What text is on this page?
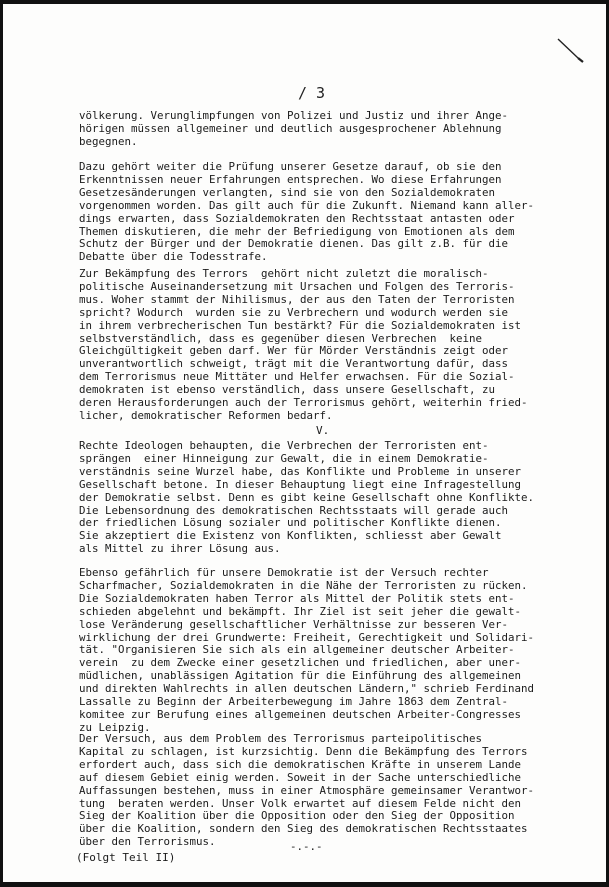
/ 3

völkerung. Verunglimpfungen von Polizei und Justiz und ihrer Ange-
hörigen müssen allgemeiner und deutlich ausgesprochener Ablehnung
begegnen.

Dazu gehört weiter die Prüfung unserer Gesetze darauf, ob sie den
Erkenntnissen neuer Erfahrungen entsprechen. Wo diese Erfahrungen
Gesetzesänderungen verlangten, sind sie von den Sozialdemokraten
vorgenommen worden. Das gilt auch für die Zukunft. Niemand kann aller-
dings erwarten, dass Sozialdemokraten den Rechtsstaat antasten oder
Themen diskutieren, die mehr der Befriedigung von Emotionen als dem
Schutz der Bürger und der Demokratie dienen. Das gilt z.B. für die
Debatte über die Todesstrafe.

Zur Bekämpfung des Terrors  gehört nicht zuletzt die moralisch-
politische Auseinandersetzung mit Ursachen und Folgen des Terroris-
mus. Woher stammt der Nihilismus, der aus den Taten der Terroristen
spricht? Wodurch  wurden sie zu Verbrechern und wodurch werden sie
in ihrem verbrecherischen Tun bestärkt? Für die Sozialdemokraten ist
selbstverständlich, dass es gegenüber diesen Verbrechen  keine
Gleichgültigkeit geben darf. Wer für Mörder Verständnis zeigt oder
unverantwortlich schweigt, trägt mit die Verantwortung dafür, dass
dem Terrorismus neue Mittäter und Helfer erwachsen. Für die Sozial-
demokraten ist ebenso verständlich, dass unsere Gesellschaft, zu
deren Herausforderungen auch der Terrorismus gehört, weiterhin fried-
licher, demokratischer Reformen bedarf.

V.

Rechte Ideologen behaupten, die Verbrechen der Terroristen ent-
sprängen  einer Hinneigung zur Gewalt, die in einem Demokratie-
verständnis seine Wurzel habe, das Konflikte und Probleme in unserer
Gesellschaft betone. In dieser Behauptung liegt eine Infragestellung
der Demokratie selbst. Denn es gibt keine Gesellschaft ohne Konflikte.
Die Lebensordnung des demokratischen Rechtsstaats will gerade auch
der friedlichen Lösung sozialer und politischer Konflikte dienen.
Sie akzeptiert die Existenz von Konflikten, schliesst aber Gewalt
als Mittel zu ihrer Lösung aus.

Ebenso gefährlich für unsere Demokratie ist der Versuch rechter
Scharfmacher, Sozialdemokraten in die Nähe der Terroristen zu rücken.
Die Sozialdemokraten haben Terror als Mittel der Politik stets ent-
schieden abgelehnt und bekämpft. Ihr Ziel ist seit jeher die gewalt-
lose Veränderung gesellschaftlicher Verhältnisse zur besseren Ver-
wirklichung der drei Grundwerte: Freiheit, Gerechtigkeit und Solidari-
tät. "Organisieren Sie sich als ein allgemeiner deutscher Arbeiter-
verein  zu dem Zwecke einer gesetzlichen und friedlichen, aber uner-
müdlichen, unablässigen Agitation für die Einführung des allgemeinen
und direkten Wahlrechts in allen deutschen Ländern," schrieb Ferdinand
Lassalle zu Beginn der Arbeiterbewegung im Jahre 1863 dem Zentral-
komitee zur Berufung eines allgemeinen deutschen Arbeiter-Congresses
zu Leipzig.

Der Versuch, aus dem Problem des Terrorismus parteipolitisches
Kapital zu schlagen, ist kurzsichtig. Denn die Bekämpfung des Terrors
erfordert auch, dass sich die demokratischen Kräfte in unserem Lande
auf diesem Gebiet einig werden. Soweit in der Sache unterschiedliche
Auffassungen bestehen, muss in einer Atmosphäre gemeinsamer Verantwor-
tung  beraten werden. Unser Volk erwartet auf diesem Felde nicht den
Sieg der Koalition über die Opposition oder den Sieg der Opposition
über die Koalition, sondern den Sieg des demokratischen Rechtsstaates
über den Terrorismus.	-.-.-
(Folgt Teil II)
